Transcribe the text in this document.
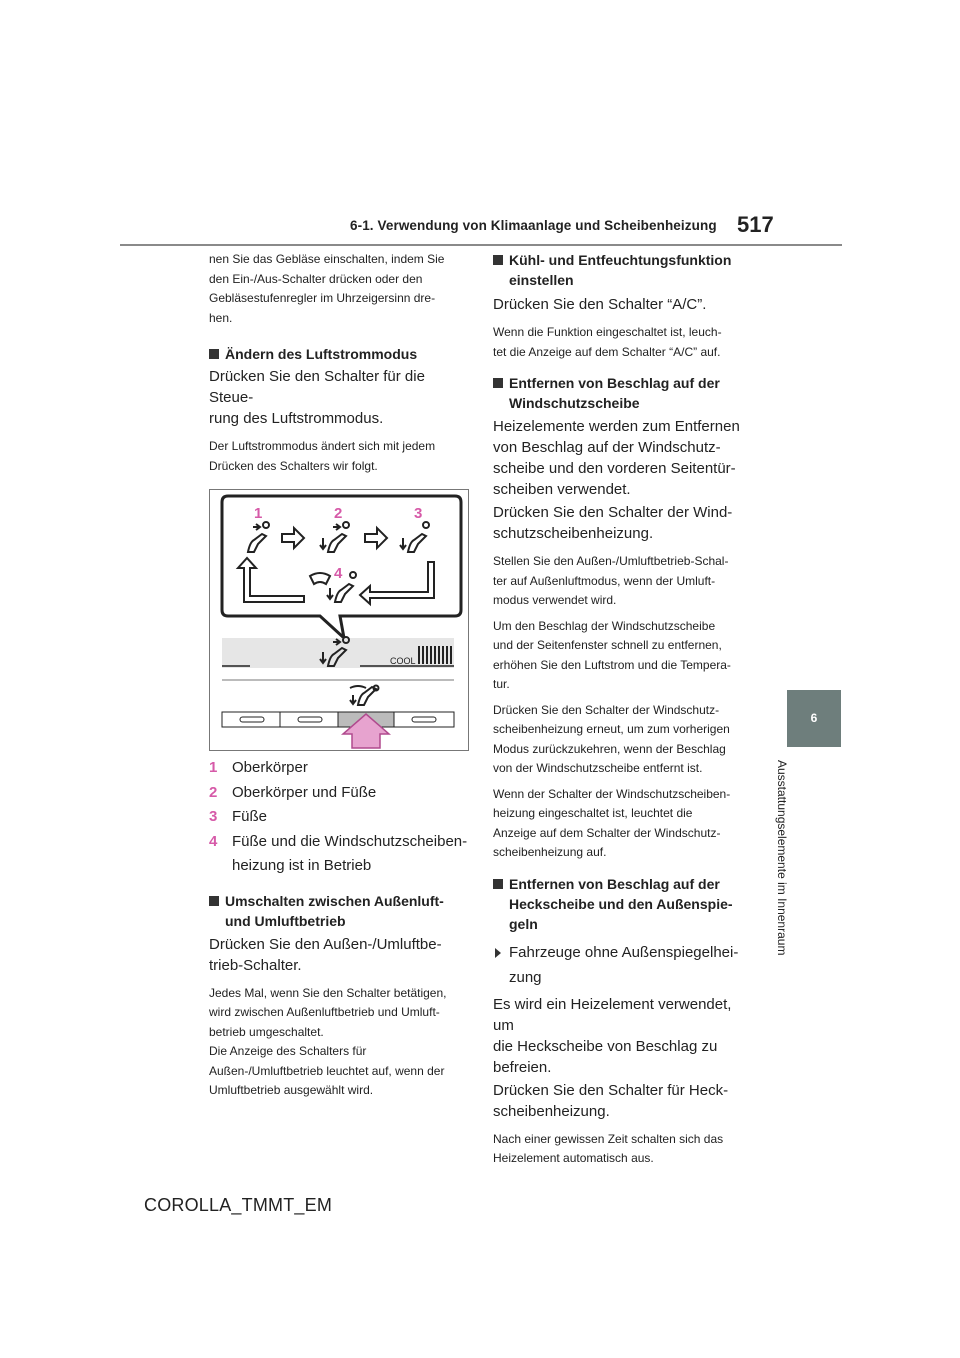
6-1. Verwendung von Klimaanlage und Scheibenheizung 517
6
Ausstattungselemente im Innenraum

nen Sie das Gebläse einschalten, indem Sie
den Ein-/Aus-Schalter drücken oder den
Gebläsestufenregler im Uhrzeigersinn dre-
hen.

Ändern des Luftstrommodus

Drücken Sie den Schalter für die Steue-
rung des Luftstrommodus.

Der Luftstrommodus ändert sich mit jedem
Drücken des Schalters wir folgt.

1	2	3
4
COOL
1 Oberkörper
2 Oberkörper und Füße
3 Füße
4 Füße und die Windschutzscheiben-
heizung ist in Betrieb

Umschalten zwischen Außenluft-
und Umluftbetrieb

Drücken Sie den Außen-/Umluftbe-
trieb-Schalter.

Jedes Mal, wenn Sie den Schalter betätigen,
wird zwischen Außenluftbetrieb und Umluft-
betrieb umgeschaltet.
Die Anzeige des Schalters für
Außen-/Umluftbetrieb leuchtet auf, wenn der
Umluftbetrieb ausgewählt wird.

Kühl- und Entfeuchtungsfunktion
einstellen

Drücken Sie den Schalter “A/C”.

Wenn die Funktion eingeschaltet ist, leuch-
tet die Anzeige auf dem Schalter “A/C” auf.

Entfernen von Beschlag auf der
Windschutzscheibe

Heizelemente werden zum Entfernen
von Beschlag auf der Windschutz-
scheibe und den vorderen Seitentür-
scheiben verwendet.

Drücken Sie den Schalter der Wind-
schutzscheibenheizung.

Stellen Sie den Außen-/Umluftbetrieb-Schal-
ter auf Außenluftmodus, wenn der Umluft-
modus verwendet wird.

Um den Beschlag der Windschutzscheibe
und der Seitenfenster schnell zu entfernen,
erhöhen Sie den Luftstrom und die Tempera-
tur.

Drücken Sie den Schalter der Windschutz-
scheibenheizung erneut, um zum vorherigen
Modus zurückzukehren, wenn der Beschlag
von der Windschutzscheibe entfernt ist.

Wenn der Schalter der Windschutzscheiben-
heizung eingeschaltet ist, leuchtet die
Anzeige auf dem Schalter der Windschutz-
scheibenheizung auf.

Entfernen von Beschlag auf der
Heckscheibe und den Außenspie-
geln

Fahrzeuge ohne Außenspiegelhei-
zung

Es wird ein Heizelement verwendet, um
die Heckscheibe von Beschlag zu
befreien.

Drücken Sie den Schalter für Heck-
scheibenheizung.

Nach einer gewissen Zeit schalten sich das
Heizelement automatisch aus.

COROLLA_TMMT_EM
